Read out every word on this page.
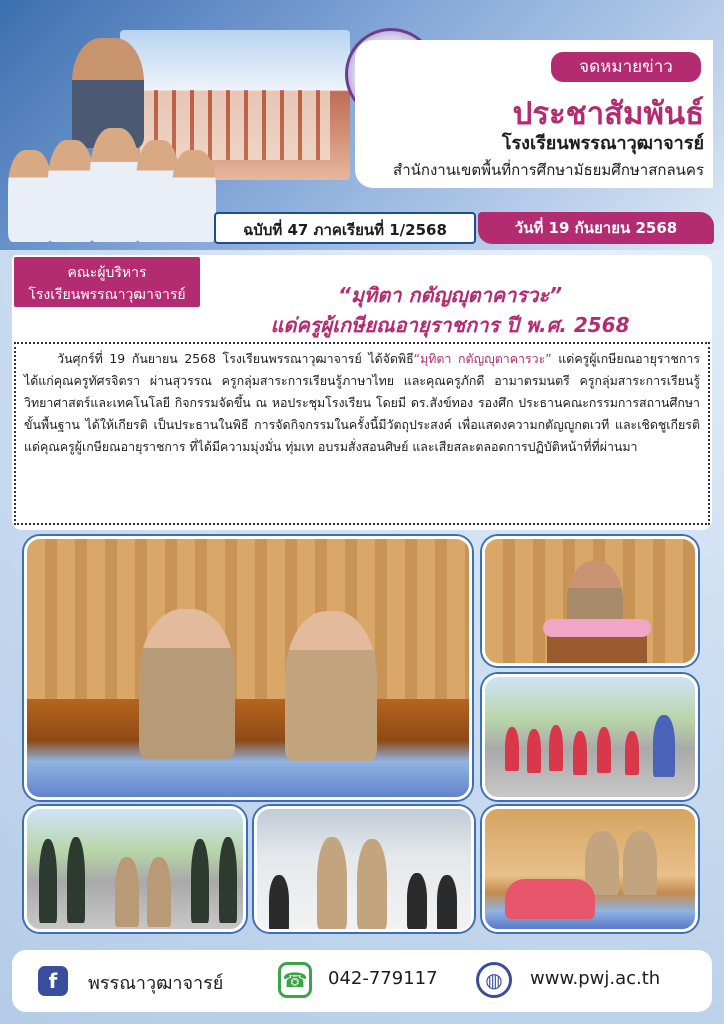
จดหมายข่าว
ประชาสัมพันธ์
โรงเรียนพรรณาวุฒาจารย์
สำนักงานเขตพื้นที่การศึกษามัธยมศึกษาสกลนคร
ฉบับที่ 47 ภาคเรียนที่ 1/2568	วันที่ 19 กันยายน 2568
คณะผู้บริหาร
โรงเรียนพรรณาวุฒาจารย์	“มุทิตา กตัญญุตาคารวะ”
แด่ครูผู้เกษียณอายุราชการ ปี พ.ศ. 2568
วันศุกร์ที่ 19 กันยายน 2568 โรงเรียนพรรณาวุฒาจารย์ ได้จัดพิธี“มุทิตา กตัญญุตาคารวะ” แด่ครูผู้เกษียณอายุราชการ ได้แก่คุณครูทัศรจิตรา ผ่านสุวรรณ ครูกลุ่มสาระการเรียนรู้ภาษาไทย และคุณครูภักดี อามาตรมนตรี ครูกลุ่มสาระการเรียนรู้วิทยาศาสตร์และเทคโนโลยี กิจกรรมจัดขึ้น ณ หอประชุมโรงเรียน โดยมี ดร.สังข์ทอง รองศึก ประธานคณะกรรมการสถานศึกษาขั้นพื้นฐาน ได้ให้เกียรติ เป็นประธานในพิธี การจัดกิจกรรมในครั้งนี้มีวัตถุประสงค์ เพื่อแสดงความกตัญญูกตเวที และเชิดชูเกียรติแด่คุณครูผู้เกษียณอายุราชการ ที่ได้มีความมุ่งมั่น ทุ่มเท อบรมสั่งสอนศิษย์ และเสียสละตลอดการปฏิบัติหน้าที่ที่ผ่านมา
f	พรรณาวุฒาจารย์	☎ 042-779117	◍	www.pwj.ac.th
